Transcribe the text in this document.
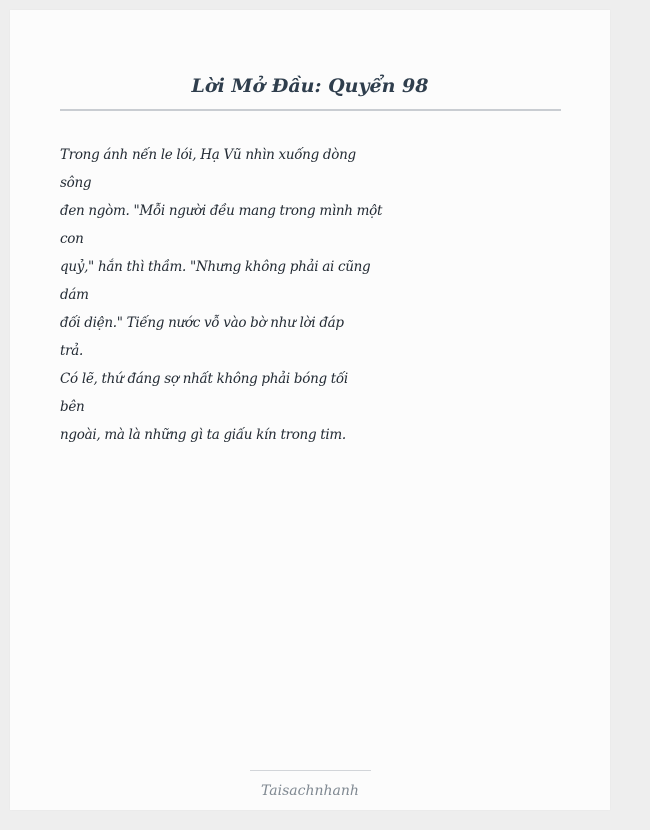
Lời Mở Đầu: Quyển 98
Trong ánh nến le lói, Hạ Vũ nhìn xuống dòng
sông
đen ngòm. "Mỗi người đều mang trong mình một
con
quỷ," hắn thì thầm. "Nhưng không phải ai cũng
dám
đối diện." Tiếng nước vỗ vào bờ như lời đáp
trả.
Có lẽ, thứ đáng sợ nhất không phải bóng tối
bên
ngoài, mà là những gì ta giấu kín trong tim.
Taisachnhanh
